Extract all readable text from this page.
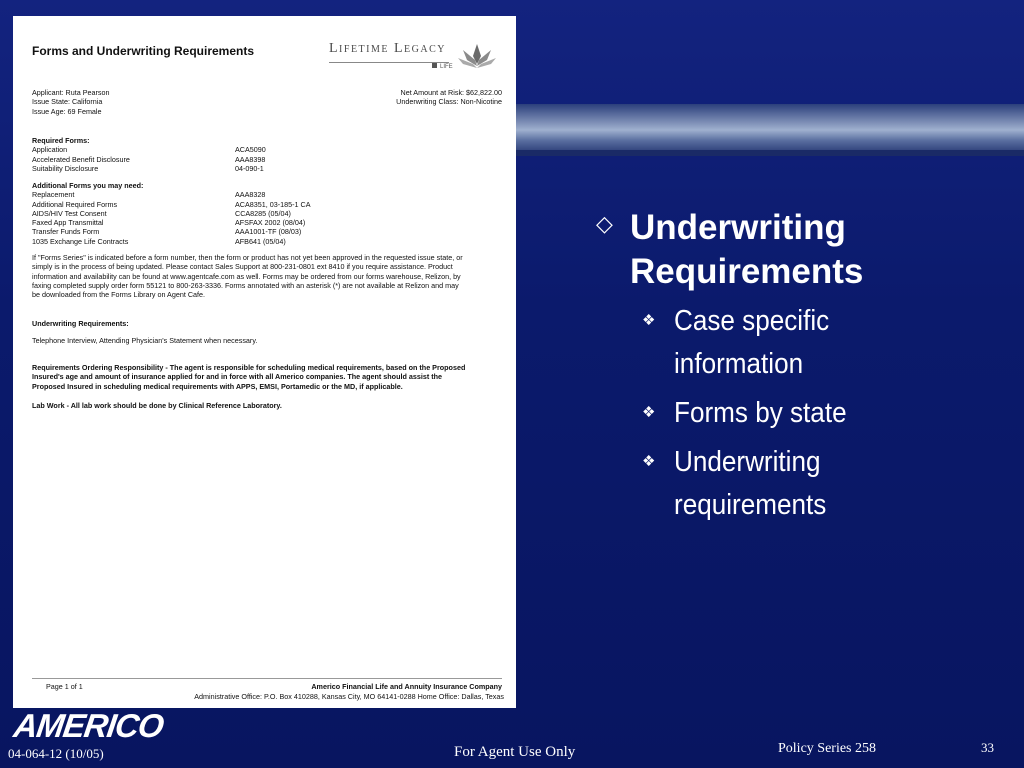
Forms and Underwriting Requirements	Lifetime Legacy
LIFE
Applicant: Ruta Pearson	Net Amount at Risk: $62,822.00
Issue State: California	Underwriting Class: Non-Nicotine
Issue Age: 69 Female
Required Forms:
Application	ACA5090
Accelerated Benefit Disclosure	AAA8398
Suitability Disclosure	04-090-1
Additional Forms you may need:
Replacement	AAA8328
Additional Required Forms	ACA8351, 03-185-1 CA
AIDS/HIV Test Consent	CCA8285 (05/04)
Faxed App Transmittal	AFSFAX 2002 (08/04)
Transfer Funds Form	AAA1001-TF (08/03)
1035 Exchange Life Contracts	AFB641 (05/04)
If "Forms Series" is indicated before a form number, then the form or product has not yet been approved in the requested issue state, or
simply is in the process of being updated. Please contact Sales Support at 800-231-0801 ext 8410 if you require assistance. Product
information and availability can be found at www.agentcafe.com as well. Forms may be ordered from our forms warehouse, Relizon, by
faxing completed supply order form 55121 to 800-263-3336. Forms annotated with an asterisk (*) are not available at Relizon and may
be downloaded from the Forms Library on Agent Cafe.
Underwriting Requirements:
Telephone Interview, Attending Physician's Statement when necessary.
Requirements Ordering Responsibility - The agent is responsible for scheduling medical requirements, based on the Proposed
Insured's age and amount of insurance applied for and in force with all Americo companies. The agent should assist the
Proposed Insured in scheduling medical requirements with APPS, EMSI, Portamedic or the MD, if applicable.
Lab Work - All lab work should be done by Clinical Reference Laboratory.
Page 1 of 1	Americo Financial Life and Annuity Insurance Company
Administrative Office: P.O. Box 410288, Kansas City, MO 64141-0288 Home Office: Dallas, Texas
◇ Underwriting
Requirements
❖ Case specific
information
❖ Forms by state
❖ Underwriting
requirements
AMERICO
04-064-12 (10/05)	For Agent Use Only	Policy Series 258	33
